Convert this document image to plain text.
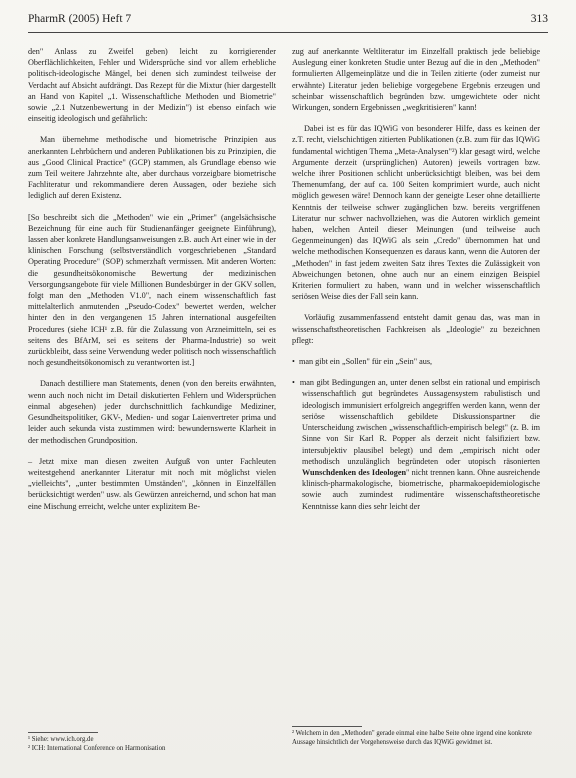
PharmR (2005) Heft 7	313

den" Anlass zu Zweifel geben) leicht zu korrigierender Oberflächlichkeiten, Fehler und Widersprüche sind vor allem erhebliche politisch-ideologische Mängel, bei denen sich zumindest teilweise der Verdacht auf Absicht aufdrängt. Das Rezept für die Mixtur (hier dargestellt an Hand von Kapitel „1. Wissenschaftliche Methoden und Biometrie" sowie „2.1 Nutzenbewertung in der Medizin") ist ebenso einfach wie einseitig ideologisch und gefährlich:

Man übernehme methodische und biometrische Prinzipien aus anerkannten Lehrbüchern und anderen Publikationen bis zu Prinzipien, die aus „Good Clinical Practice" (GCP) stammen, als Grundlage ebenso wie zum Teil weitere Jahrzehnte alte, aber durchaus vorzeigbare biometrische Fachliteratur und rekommandiere deren Aussagen, oder beziehe sich lediglich auf deren Existenz.

[So beschreibt sich die „Methoden" wie ein „Primer" (angelsächsische Bezeichnung für eine auch für Studienanfänger geeignete Einführung), lassen aber konkrete Handlungsanweisungen z.B. auch Art einer wie in der klinischen Forschung (selbstverständlich vorgeschriebenen „Standard Operating Procedure" (SOP) schmerzhaft vermissen. Mit anderen Worten: die gesundheitsökonomische Bewertung der medizinischen Versorgungsangebote für viele Millionen Bundesbürger in der GKV sollen, folgt man den „Methoden V1.0", nach einem wissenschaftlich fast mittelalterlich anmutenden „Pseudo-Codex" bewertet werden, welcher hinter den in den vergangenen 15 Jahren international ausgefeilten Procedures (siehe ICH¹ z.B. für die Zulassung von Arzneimitteln, sei es seitens des BfArM, sei es seitens der Pharma-Industrie) so weit zurückbleibt, dass seine Verwendung weder politisch noch wissenschaftlich noch gesundheitsökonomisch zu verantworten ist.]

Danach destilliere man Statements, denen (von den bereits erwähnten, wenn auch noch nicht im Detail diskutierten Fehlern und Widersprüchen einmal abgesehen) jeder durchschnittlich fachkundige Mediziner, Gesundheitspolitiker, GKV-, Medien- und sogar Laienvertreter prima und leider auch sekunda vista zustimmen wird: bewundernswerte Klarheit in der methodischen Grundposition.

– Jetzt mixe man diesen zweiten Aufguß von unter Fachleuten weitestgehend anerkannter Literatur mit noch mit möglichst vielen „vielleichts", „unter bestimmten Umständen", „können in Einzelfällen berücksichtigt werden" usw. als Gewürzen anreichernd, und schon hat man eine Mischung erreicht, welche unter explizitem Be-

¹ Siehe: www.ich.org.de
² ICH: International Conference on Harmonisation

zug auf anerkannte Weltliteratur im Einzelfall praktisch jede beliebige Auslegung einer konkreten Studie unter Bezug auf die in den „Methoden" formulierten Allgemeinplätze und die in Teilen zitierte (oder zumeist nur erwähnte) Literatur jeden beliebige vorgegebene Ergebnis erzeugen und scheinbar wissenschaftlich begründen bzw. umgewichtete oder nicht Wirkungen, sondern Ergebnissen „wegkritisieren" kann!

Dabei ist es für das IQWiG von besonderer Hilfe, dass es keinen der z.T. recht, vielschichtigen zitierten Publikationen (z.B. zum für das IQWiG fundamental wichtigen Thema „Meta-Analysen"²) klar gesagt wird, welche Argumente derzeit (ursprünglichen) Autoren) jeweils vortragen bzw. welche ihrer Positionen schlicht unberücksichtigt bleiben, was bei dem Themenumfang, der auf ca. 100 Seiten komprimiert wurde, auch nicht möglich gewesen wäre! Dennoch kann der geneigte Leser ohne detaillierte Kenntnis der teilweise schwer zugänglichen bzw. bereits vergriffenen Literatur nur schwer nachvollziehen, was die Autoren wirklich gemeint haben, welchen Anteil dieser Meinungen (und teilweise auch Gegenmeinungen) das IQWiG als sein „Credo" übernommen hat und welche methodischen Konsequenzen es daraus kann, wenn die Autoren der „Methoden" in fast jedem zweiten Satz ihres Textes die Zulässigkeit von Abweichungen betonen, ohne auch nur an einem einzigen Beispiel Kriterien formuliert zu haben, wann und in welcher wissenschaftlich seriösen Weise dies der Fall sein kann.

Vorläufig zusammenfassend entsteht damit genau das, was man in wissenschaftstheoretischen Fachkreisen als „Ideologie" zu bezeichnen pflegt:

•  man gibt ein „Sollen" für ein „Sein" aus,

•  man gibt Bedingungen an, unter denen selbst ein rational und empirisch wissenschaftlich gut begründetes Aussagensystem rabulistisch und ideologisch immunisiert erfolgreich angegriffen werden kann, wenn der seriöse wissenschaftlich gebildete Diskussionspartner die Unterscheidung zwischen „wissenschaftlich-empirisch belegt" (z. B. im Sinne von Sir Karl R. Popper als derzeit nicht falsifiziert bzw. intersubjektiv plausibel belegt) und dem „empirisch nicht oder methodisch unzulänglich begründeten oder utopisch räsonierten Wunschdenken des Ideologen" nicht trennen kann. Ohne ausreichende klinisch-pharmakologische, biometrische, pharmakoepidemiologische sowie auch zumindest rudimentäre wissenschaftstheoretische Kenntnisse kann dies sehr leicht der

² Welchem in den „Methoden" gerade einmal eine halbe Seite ohne irgend eine konkrete Aussage hinsichtlich der Vorgehensweise durch das IQWiG gewidmet ist.
